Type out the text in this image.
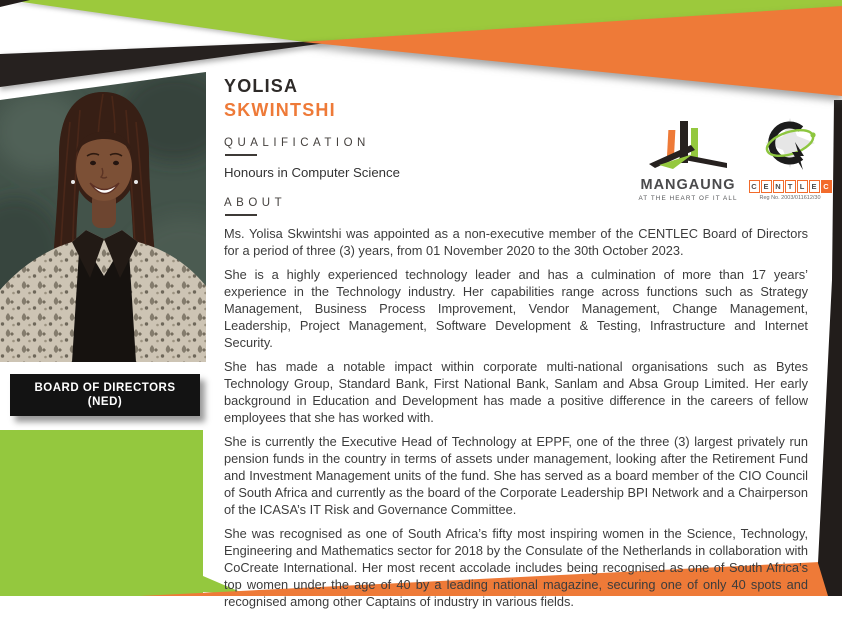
BOARD OF DIRECTORS
(NED)
YOLISA
SKWINTSHI
QUALIFICATION
Honours in Computer Science
ABOUT

Ms. Yolisa Skwintshi was appointed as a non-executive member of the CENTLEC Board of Directors for a period of three (3) years, from 01 November 2020 to the 30th October 2023.

She is a highly experienced technology leader and has a culmination of more than 17 years’ experience in the Technology industry. Her capabilities range across functions such as Strategy Management, Business Process Improvement, Vendor Management, Change Management, Leadership, Project Management, Software Development & Testing, Infrastructure and Internet Security.

She has made a notable impact within corporate multi-national organisations such as Bytes Technology Group, Standard Bank, First National Bank, Sanlam and Absa Group Limited. Her early background in Education and Development has made a positive difference in the careers of fellow employees that she has worked with.

She is currently the Executive Head of Technology at EPPF, one of the three (3) largest privately run pension funds in the country in terms of assets under management, looking after the Retirement Fund and Investment Management units of the fund. She has served as a board member of the CIO Council of South Africa and currently as the board of the Corporate Leadership BPI Network and a Chairperson of the ICASA’s IT Risk and Governance Committee.

She was recognised as one of South Africa’s fifty most inspiring women in the Science, Technology, Engineering and Mathematics sector for 2018 by the Consulate of the Netherlands in collaboration with CoCreate International. Her most recent accolade includes being recognised as one of South Africa’s top women under the age of 40 by a leading national magazine, securing one of only 40 spots and recognised among other Captains of industry in various fields.

MANGAUNG
AT THE HEART OF IT ALL
C E N T L E C
Reg No. 2003/011612/30
